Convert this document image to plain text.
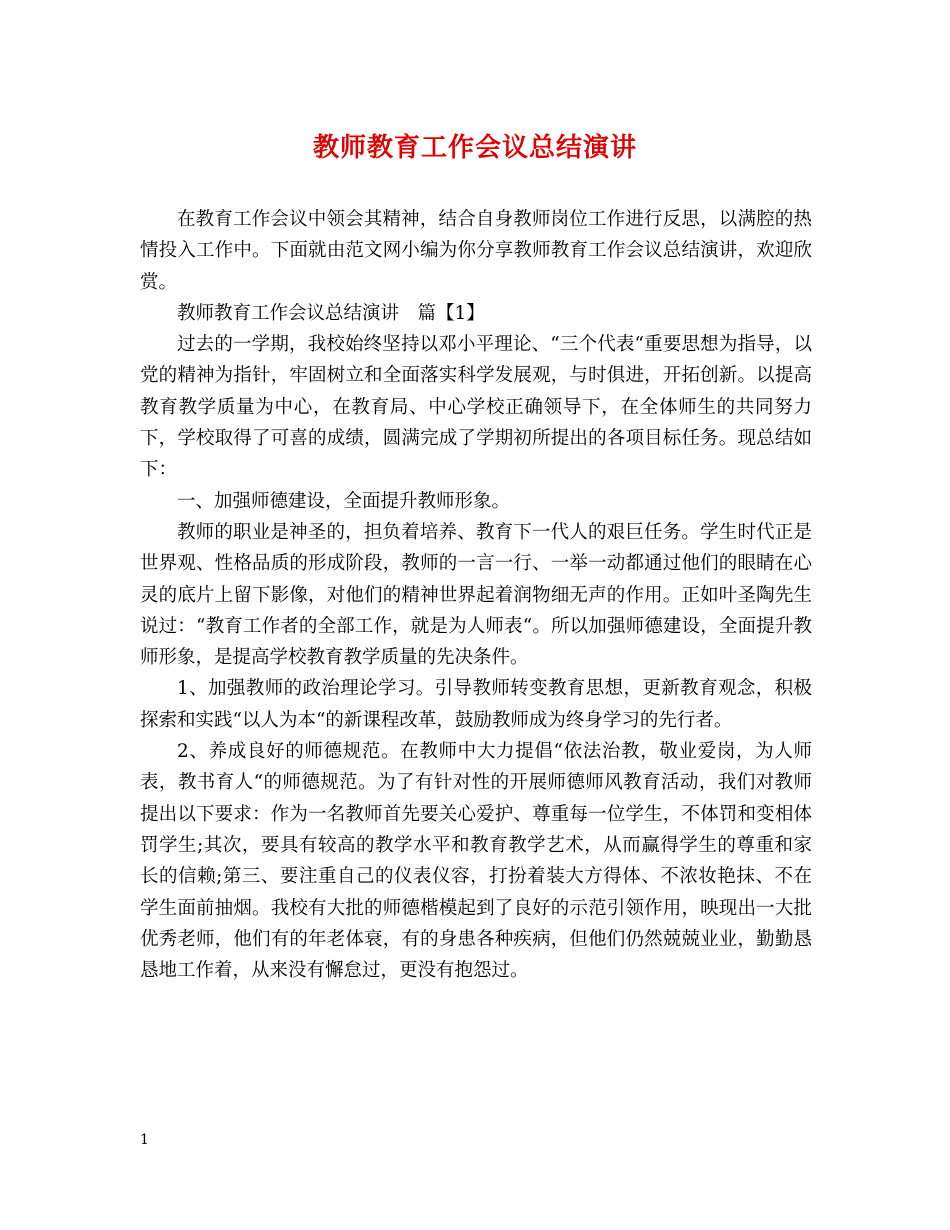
教师教育工作会议总结演讲

在教育工作会议中领会其精神，结合自身教师岗位工作进行反思，以满腔的热情投入工作中。下面就由范文网小编为你分享教师教育工作会议总结演讲，欢迎欣赏。

教师教育工作会议总结演讲　篇【1】

过去的一学期，我校始终坚持以邓小平理论、“三个代表“重要思想为指导，以党的精神为指针，牢固树立和全面落实科学发展观，与时俱进，开拓创新。以提高教育教学质量为中心，在教育局、中心学校正确领导下，在全体师生的共同努力下，学校取得了可喜的成绩，圆满完成了学期初所提出的各项目标任务。现总结如下：

一、加强师德建设，全面提升教师形象。

教师的职业是神圣的，担负着培养、教育下一代人的艰巨任务。学生时代正是世界观、性格品质的形成阶段，教师的一言一行、一举一动都通过他们的眼睛在心灵的底片上留下影像，对他们的精神世界起着润物细无声的作用。正如叶圣陶先生说过：“教育工作者的全部工作，就是为人师表“。所以加强师德建设，全面提升教师形象，是提高学校教育教学质量的先决条件。

1、加强教师的政治理论学习。引导教师转变教育思想，更新教育观念，积极探索和实践“以人为本“的新课程改革，鼓励教师成为终身学习的先行者。

2、养成良好的师德规范。在教师中大力提倡“依法治教，敬业爱岗，为人师表，教书育人“的师德规范。为了有针对性的开展师德师风教育活动，我们对教师提出以下要求：作为一名教师首先要关心爱护、尊重每一位学生，不体罚和变相体罚学生;其次，要具有较高的教学水平和教育教学艺术，从而赢得学生的尊重和家长的信赖;第三、要注重自己的仪表仪容，打扮着装大方得体、不浓妆艳抹、不在学生面前抽烟。我校有大批的师德楷模起到了良好的示范引领作用，映现出一大批优秀老师，他们有的年老体衰，有的身患各种疾病，但他们仍然兢兢业业，勤勤恳恳地工作着，从来没有懈怠过，更没有抱怨过。

1
